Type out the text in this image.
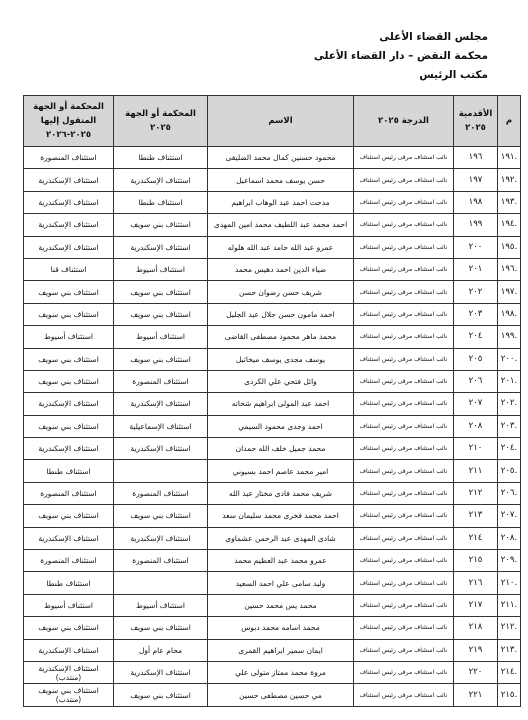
مجلس القضاء الأعلى
محكمة النقض – دار القضاء الأعلى
مكتب الرئيس
م	الأقدمية ٢٠٢٥	الدرجة ٢٠٢٥	الاسم	المحكمة أو الجهة ٢٠٢٥	المحكمة أو الجهة المنقول إليها ٢٠٢٥-٢٠٢٦
.١٩١	١٩٦	نائب استئناف مرقى رئيس استئناف	محمود حسنين كمال محمد الضليقى	استئناف طنطا	استئناف المنصورة
.١٩٢	١٩٧	نائب استئناف مرقى رئيس استئناف	حسن يوسف محمد اسماعيل	استئناف الإسكندرية	استئناف الإسكندرية
.١٩٣	١٩٨	نائب استئناف مرقى رئيس استئناف	مدحت احمد عبد الوهاب ابراهيم	استئناف طنطا	استئناف الإسكندرية
.١٩٤	١٩٩	نائب استئناف مرقى رئيس استئناف	احمد محمد عبد اللطيف محمد امين المهدى	استئناف بني سويف	استئناف الإسكندرية
.١٩٥	٢٠٠	نائب استئناف مرقى رئيس استئناف	عمرو عبد الله حامد عبد الله هلوله	استئناف الإسكندرية	استئناف الإسكندرية
.١٩٦	٢٠١	نائب استئناف مرقى رئيس استئناف	ضياء الدين احمد دهيس محمد	استئناف أسيوط	استئناف قنا
.١٩٧	٢٠٢	نائب استئناف مرقى رئيس استئناف	شريف حسن رضوان حسن	استئناف بني سويف	استئناف بني سويف
.١٩٨	٢٠٣	نائب استئناف مرقى رئيس استئناف	احمد مامون حسن جلال عبد الجليل	استئناف بني سويف	استئناف بني سويف
.١٩٩	٢٠٤	نائب استئناف مرقى رئيس استئناف	محمد ماهر محمود مصطفى القاضى	استئناف أسيوط	استئناف أسيوط
.٢٠٠	٢٠٥	نائب استئناف مرقى رئيس استئناف	يوسف مجدى يوسف ميخائيل	استئناف بني سويف	استئناف بني سويف
.٢٠١	٢٠٦	نائب استئناف مرقى رئيس استئناف	وائل فتحي علي الكردى	استئناف المنصورة	استئناف بني سويف
.٢٠٢	٢٠٧	نائب استئناف مرقى رئيس استئناف	احمد عبد المولى ابراهيم شحاته	استئناف الإسكندرية	استئناف الإسكندرية
.٢٠٣	٢٠٨	نائب استئناف مرقى رئيس استئناف	احمد وجدى محمود السيمي	استئناف الإسماعيلية	استئناف بني سويف
.٢٠٤	٢١٠	نائب استئناف مرقى رئيس استئناف	محمد جميل خلف الله حمدان	استئناف الإسكندرية	استئناف الإسكندرية
.٢٠٥	٢١١	نائب استئناف مرقى رئيس استئناف	امير محمد عاصم احمد بسيوني		استئناف طنطا
.٢٠٦	٢١٢	نائب استئناف مرقى رئيس استئناف	شريف محمد فادى مختار عبد الله	استئناف المنصورة	استئناف المنصورة
.٢٠٧	٢١٣	نائب استئناف مرقى رئيس استئناف	احمد محمد فخرى محمد سليمان سعد	استئناف بني سويف	استئناف بني سويف
.٢٠٨	٢١٤	نائب استئناف مرقى رئيس استئناف	شادى المهدى عبد الرحمن عشماوى	استئناف الإسكندرية	استئناف الإسكندرية
.٢٠٩	٢١٥	نائب استئناف مرقى رئيس استئناف	عمرو محمد عبد العظيم محمد	استئناف المنصورة	استئناف المنصورة
.٢١٠	٢١٦	نائب استئناف مرقى رئيس استئناف	وليد سامى علي احمد السعيد		استئناف طنطا
.٢١١	٢١٧	نائب استئناف مرقى رئيس استئناف	محمد يس محمد حسين	استئناف أسيوط	استئناف أسيوط
.٢١٢	٢١٨	نائب استئناف مرقى رئيس استئناف	محمد اسامه محمد دبوس	استئناف بني سويف	استئناف بني سويف
.٢١٣	٢١٩	نائب استئناف مرقى رئيس استئناف	ايمان سمير ابراهيم القمرى	محام عام أول	استئناف الإسكندرية
.٢١٤	٢٢٠	نائب استئناف مرقى رئيس استئناف	مروة محمد ممتاز متولى علي	استئناف الإسكندرية	استئناف الإسكندرية (منتدب)
.٢١٥	٢٢١	نائب استئناف مرقى رئيس استئناف	مي حسين مصطفى حسين	استئناف بني سويف	استئناف بني سويف (منتدب)
